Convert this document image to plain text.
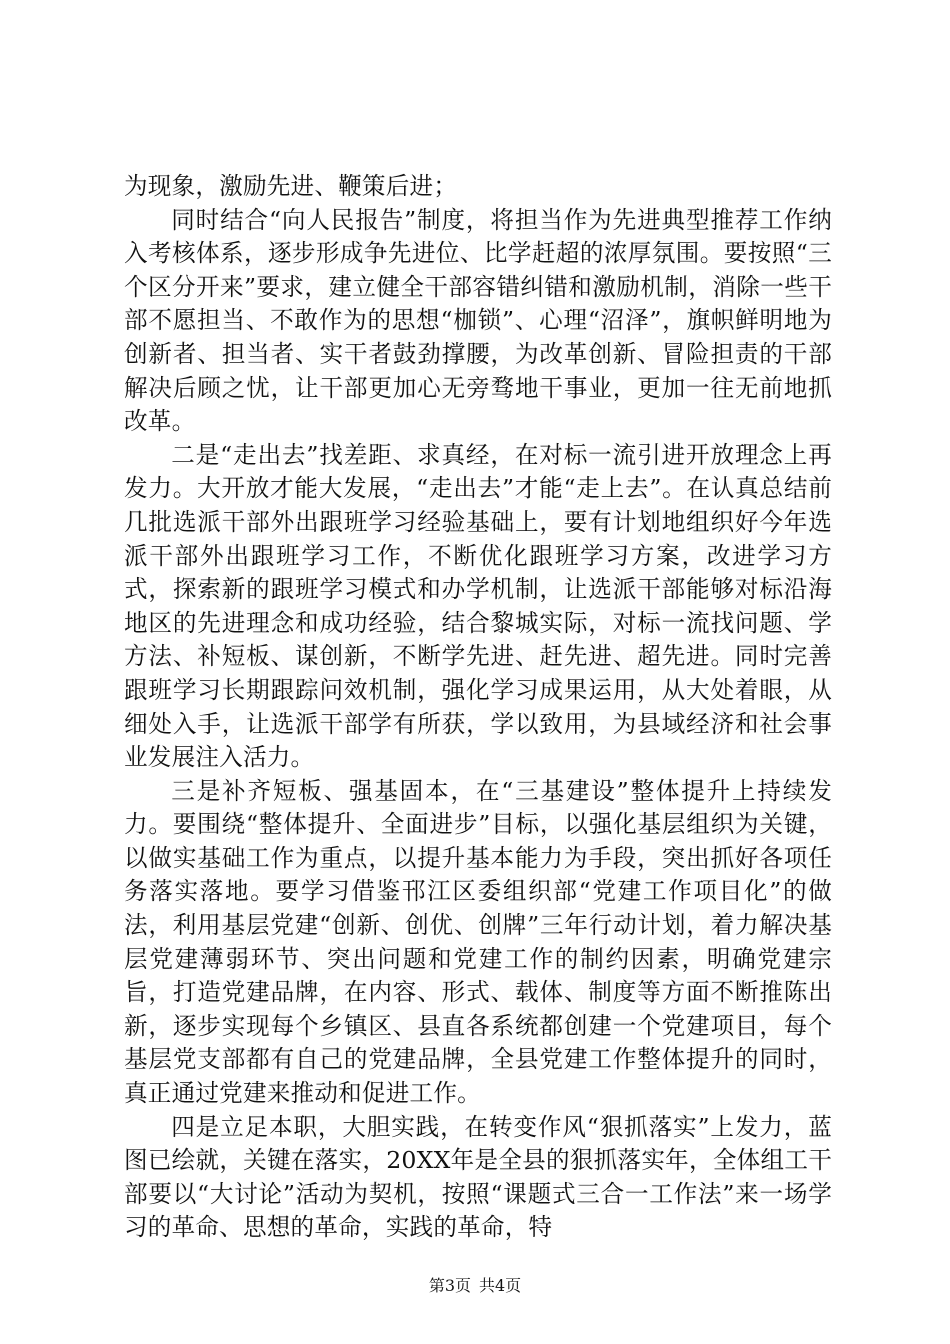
为现象，激励先进、鞭策后进；

同时结合“向人民报告”制度，将担当作为先进典型推荐工作纳入考核体系，逐步形成争先进位、比学赶超的浓厚氛围。要按照“三个区分开来”要求，建立健全干部容错纠错和激励机制，消除一些干部不愿担当、不敢作为的思想“枷锁”、心理“沼泽”，旗帜鲜明地为创新者、担当者、实干者鼓劲撑腰，为改革创新、冒险担责的干部解决后顾之忧，让干部更加心无旁骛地干事业，更加一往无前地抓改革。

二是“走出去”找差距、求真经，在对标一流引进开放理念上再发力。大开放才能大发展，“走出去”才能“走上去”。在认真总结前几批选派干部外出跟班学习经验基础上，要有计划地组织好今年选派干部外出跟班学习工作，不断优化跟班学习方案，改进学习方式，探索新的跟班学习模式和办学机制，让选派干部能够对标沿海地区的先进理念和成功经验，结合黎城实际，对标一流找问题、学方法、补短板、谋创新，不断学先进、赶先进、超先进。同时完善跟班学习长期跟踪问效机制，强化学习成果运用，从大处着眼，从细处入手，让选派干部学有所获，学以致用，为县域经济和社会事业发展注入活力。

三是补齐短板、强基固本，在“三基建设”整体提升上持续发力。要围绕“整体提升、全面进步”目标，以强化基层组织为关键，以做实基础工作为重点，以提升基本能力为手段，突出抓好各项任务落实落地。要学习借鉴邗江区委组织部“党建工作项目化”的做法，利用基层党建“创新、创优、创牌”三年行动计划，着力解决基层党建薄弱环节、突出问题和党建工作的制约因素，明确党建宗旨，打造党建品牌，在内容、形式、载体、制度等方面不断推陈出新，逐步实现每个乡镇区、县直各系统都创建一个党建项目，每个基层党支部都有自己的党建品牌，全县党建工作整体提升的同时，真正通过党建来推动和促进工作。

四是立足本职，大胆实践，在转变作风“狠抓落实”上发力，蓝图已绘就，关键在落实，20XX年是全县的狠抓落实年，全体组工干部要以“大讨论”活动为契机，按照“课题式三合一工作法”来一场学习的革命、思想的革命，实践的革命，特

第3页 共4页
